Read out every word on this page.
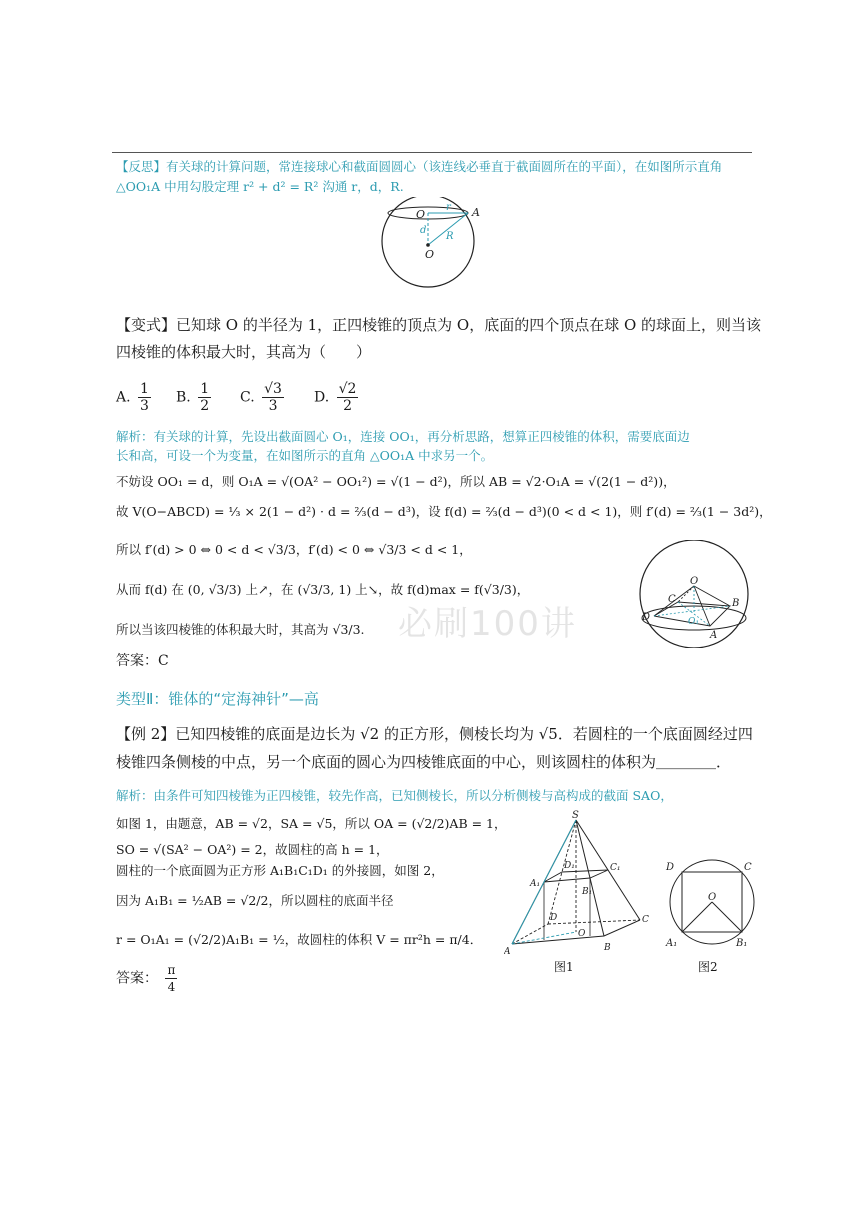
【反思】有关球的计算问题，常连接球心和截面圆圆心（该连线必垂直于截面圆所在的平面），在如图所示直角
△OO₁A 中用勾股定理 r² + d² = R² 沟通 r，d，R.
O
r A
d
R
O
【变式】已知球 O 的半径为 1，正四棱锥的顶点为 O，底面的四个顶点在球 O 的球面上，则当该
四棱锥的体积最大时，其高为（　　）
A. $\frac{1}{3} B$. $\frac{1}{2} C$. $\frac{√3}{3} D$. $\frac{√2}{2}$
解析：有关球的计算，先设出截面圆心 O₁，连接 OO₁，再分析思路，想算正四棱锥的体积，需要底面边
长和高，可设一个为变量，在如图所示的直角 △OO₁A 中求另一个。
不妨设 OO₁ = d，则 O₁A = √(OA² − OO₁²) = √(1 − d²)，所以 AB = √2·O₁A = √(2(1 − d²))，
故 V(O−ABCD) = ⅓ × 2(1 − d²) · d = ⅔(d − d³)，设 f(d) = ⅔(d − d³)(0 < d < 1)，则 f′(d) = ⅔(1 − 3d²)，
所以 f′(d) > 0 ⇔ 0 < d < √3/3，f′(d) < 0 ⇔ √3/3 < d < 1，
从而 f(d) 在 (0, √3/3) 上↗，在 (√3/3, 1) 上↘，故 f(d)max = f(√3/3)，
所以当该四棱锥的体积最大时，其高为 √3/3.
答案：C
O
C	B
D	O₁
A
必刷100讲
类型Ⅱ：锥体的“定海神针”—高
【例 2】已知四棱锥的底面是边长为 √2 的正方形，侧棱长均为 √5．若圆柱的一个底面圆经过四
棱锥四条侧棱的中点，另一个底面的圆心为四棱锥底面的中心，则该圆柱的体积为＿＿＿＿．
解析：由条件可知四棱锥为正四棱锥，较先作高，已知侧棱长，所以分析侧棱与高构成的截面 SAO，
如图 1，由题意，AB = √2，SA = √5，所以 OA = (√2/2)AB = 1，
SO = √(SA² − OA²) = 2，故圆柱的高 h = 1，
圆柱的一个底面圆为正方形 A₁B₁C₁D₁ 的外接圆，如图 2，
因为 A₁B₁ = ½AB = √2/2，所以圆柱的底面半径
r = O₁A₁ = (√2/2)A₁B₁ = ½，故圆柱的体积 V = πr²h = π/4．
答案： $\frac{\pi}{4}$
S
D₁	C₁
A₁
B₁
D	C
O
A	B
图1
D	C
O
A₁	B₁
图2
